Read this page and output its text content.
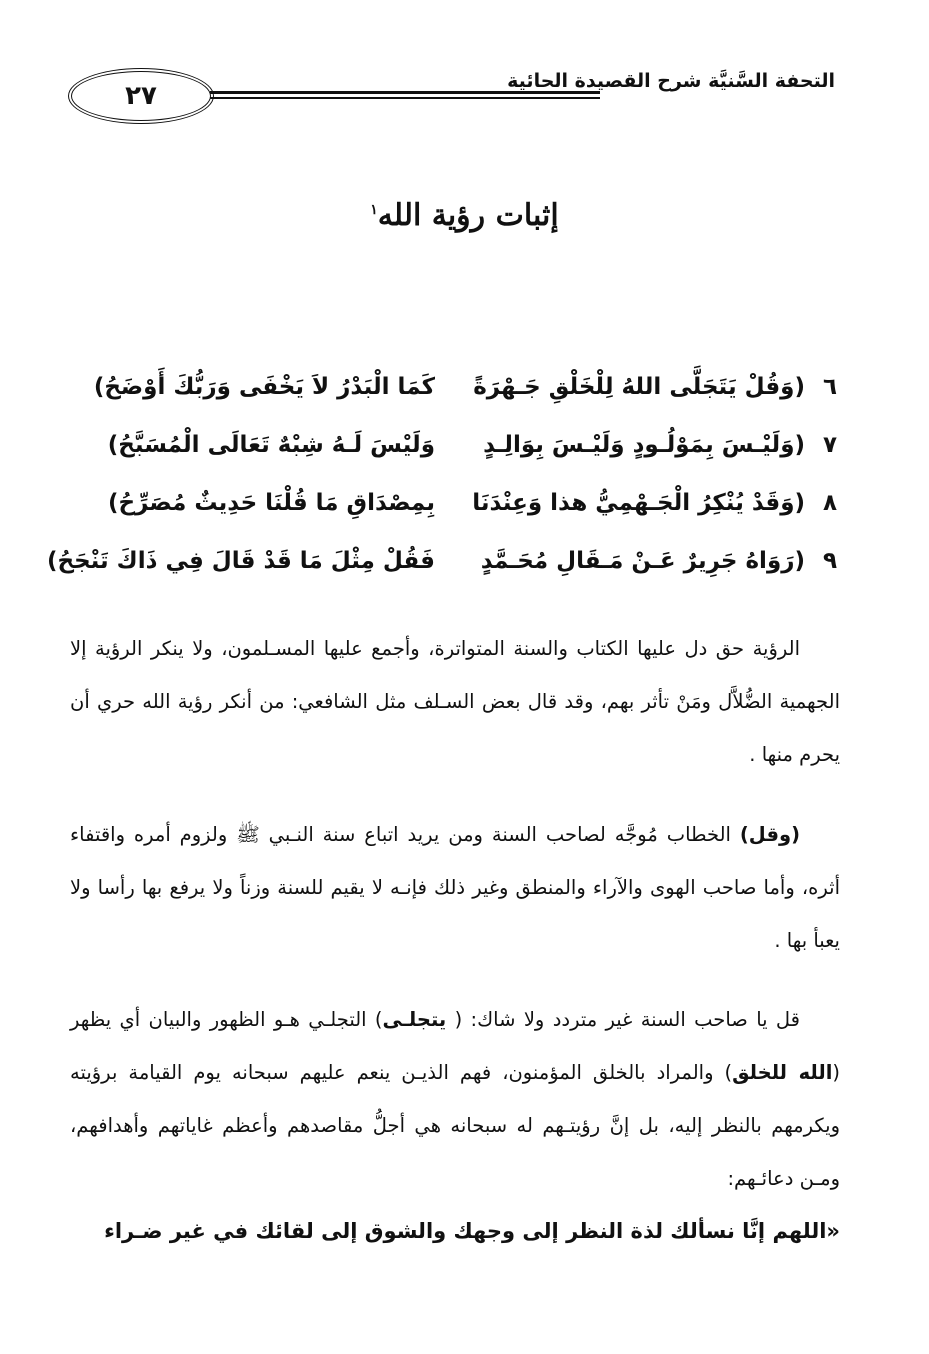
٢٧	التحفة السَّنيَّة شرح القصيدة الحائية
إثبات رؤية الله$^١$
٦
(وَقُلْ يَتَجَلَّى اللهُ لِلْخَلْقِ جَـهْرَةً
كَمَا الْبَدْرُ لاَ يَخْفَى وَرَبُّكَ أَوْضَحُ)
٧
(وَلَيْـسَ بِمَوْلُـودٍ وَلَيْـسَ بِوَالِـدٍ
وَلَيْسَ لَـهُ شِبْهٌ تَعَالَى الْمُسَبَّحُ)
٨
(وَقَدْ يُنْكِرُ الْجَـهْمِيُّ هذا وَعِنْدَنَا
بِمِصْدَاقِ مَا قُلْنَا حَدِيثٌ مُصَرِّحُ)
٩
(رَوَاهُ جَرِيرٌ عَـنْ مَـقَالِ مُحَـمَّدٍ
فَقُلْ مِثْلَ مَا قَدْ قَالَ فِي ذَاكَ تَنْجَحُ)

الرؤية حق دل عليها الكتاب والسنة المتواترة، وأجمع عليها المسـلمون، ولا ينكر الرؤية إلا الجهمية الضُّلاَّل ومَنْ تأثر بهم، وقد قال بعض السـلف مثل الشافعي: من أنكر رؤية الله حري أن يحرم منها .

(وقل) الخطاب مُوجَّه لصاحب السنة ومن يريد اتباع سنة النـبي ﷺ ولزوم أمره واقتفاء أثره، وأما صاحب الهوى والآراء والمنطق وغير ذلك فإنـه لا يقيم للسنة وزناً ولا يرفع بها رأسا ولا يعبأ بها .

قل يا صاحب السنة غير متردد ولا شاك: ( يتجلـى) التجلـي هـو الظهور والبيان أي يظهر (الله للخلق) والمراد بالخلق المؤمنون، فهم الذيـن ينعم عليهم سبحانه يوم القيامة برؤيته ويكرمهم بالنظر إليه، بل إنَّ رؤيتـهم له سبحانه هي أجلُّ مقاصدهم وأعظم غاياتهم وأهدافهم، ومـن دعائـهم:

«اللهم إنَّا نسألك لذة النظر إلى وجهك والشوق إلى لقائك في غير ضـراء
